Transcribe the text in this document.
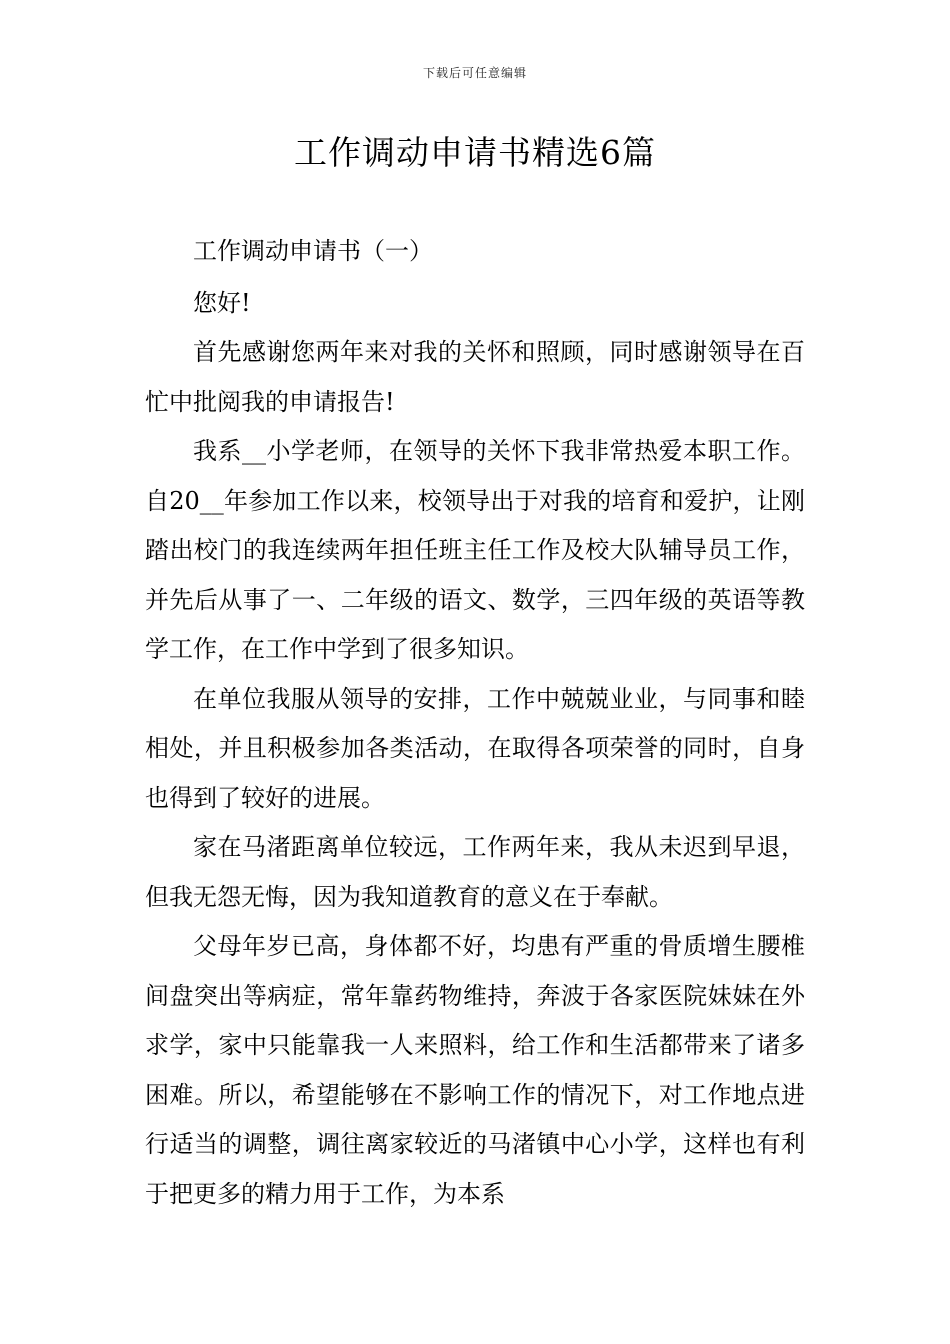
下载后可任意编辑
工作调动申请书精选6篇

工作调动申请书（一）

您好!

首先感谢您两年来对我的关怀和照顾，同时感谢领导在百忙中批阅我的申请报告!

我系__小学老师，在领导的关怀下我非常热爱本职工作。自20__年参加工作以来，校领导出于对我的培育和爱护，让刚踏出校门的我连续两年担任班主任工作及校大队辅导员工作，并先后从事了一、二年级的语文、数学，三四年级的英语等教学工作，在工作中学到了很多知识。

在单位我服从领导的安排，工作中兢兢业业，与同事和睦相处，并且积极参加各类活动，在取得各项荣誉的同时，自身也得到了较好的进展。

家在马渚距离单位较远，工作两年来，我从未迟到早退，但我无怨无悔，因为我知道教育的意义在于奉献。

父母年岁已高，身体都不好，均患有严重的骨质增生腰椎间盘突出等病症，常年靠药物维持，奔波于各家医院妹妹在外求学，家中只能靠我一人来照料，给工作和生活都带来了诸多困难。所以，希望能够在不影响工作的情况下，对工作地点进行适当的调整，调往离家较近的马渚镇中心小学，这样也有利于把更多的精力用于工作，为本系
